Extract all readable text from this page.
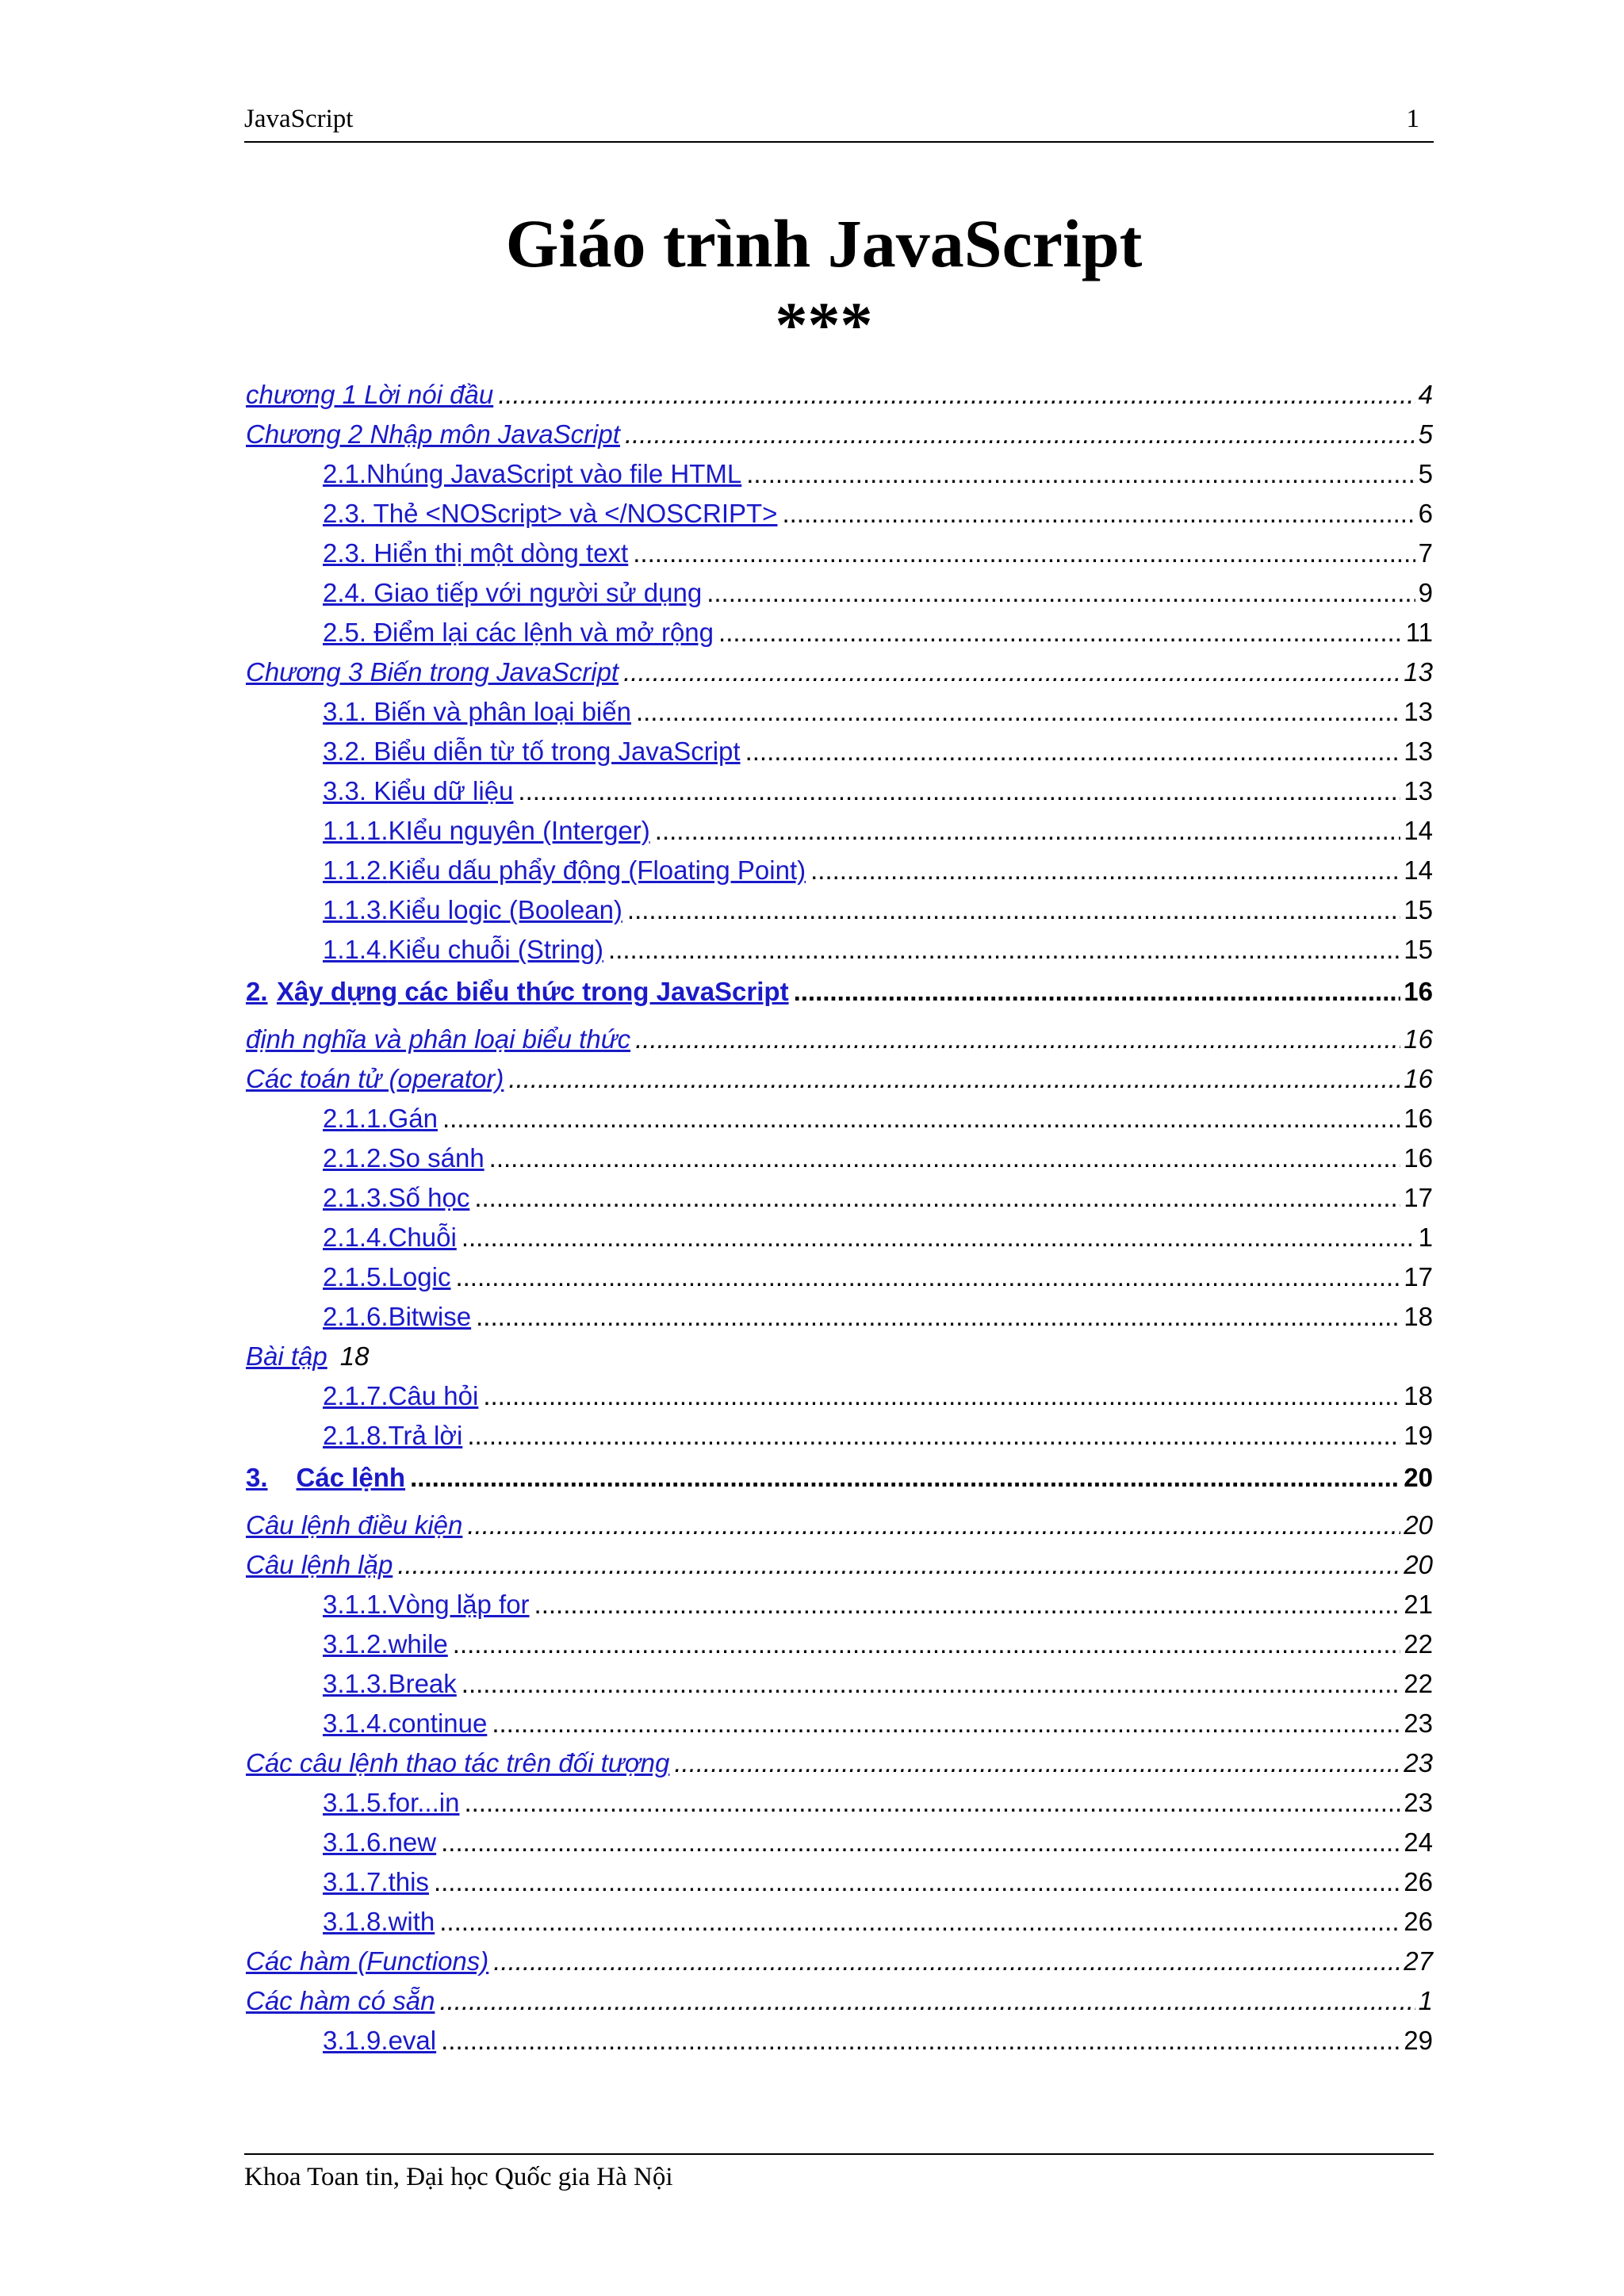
JavaScript	1
Giáo trình JavaScript
***
chương 1 Lời nói đầu .....	4
Chương 2 Nhập môn JavaScript .....	5
2.1.Nhúng JavaScript vào file HTML .....	5
2.3. Thẻ <NOScript> và </NOSCRIPT> .....	6
2.3. Hiển thị một dòng text .....	7
2.4. Giao tiếp với người sử dụng .....	9
2.5. Điểm lại các lệnh và mở rộng .....	11
Chương 3 Biến trong JavaScript .....	13
3.1. Biến và phân loại biến .....	13
3.2. Biểu diễn từ tố trong JavaScript .....	13
3.3. Kiểu dữ liệu .....	13
1.1.1. KIểu nguyên (Interger) .....	14
1.1.2. Kiểu dấu phẩy động (Floating Point) .....	14
1.1.3. Kiểu logic (Boolean) .....	15
1.1.4. Kiểu chuỗi (String) .....	15
2. Xây dựng các biểu thức trong JavaScript .....	16
định nghĩa và phân loại biểu thức .....	16
Các toán tử (operator) .....	16
2.1.1. Gán .....	16
2.1.2. So sánh .....	16
2.1.3. Số học .....	17
2.1.4. Chuỗi .....	1
2.1.5. Logic .....	17
2.1.6. Bitwise .....	18
Bài tập 18
2.1.7. Câu hỏi .....	18
2.1.8. Trả lời .....	19
3.	Các lệnh .....	20
Câu lệnh điều kiện .....	20
Câu lệnh lặp .....	20
3.1.1. Vòng lặp for .....	21
3.1.2. while .....	22
3.1.3. Break .....	22
3.1.4. continue .....	23
Các câu lệnh thao tác trên đối tượng .....	23
3.1.5. for...in .....	23
3.1.6. new .....	24
3.1.7. this .....	26
3.1.8. with .....	26
Các hàm (Functions) .....	27
Các hàm có sẵn .....	1
3.1.9. eval .....	29
Khoa Toan tin, Đại học Quốc gia Hà Nội
